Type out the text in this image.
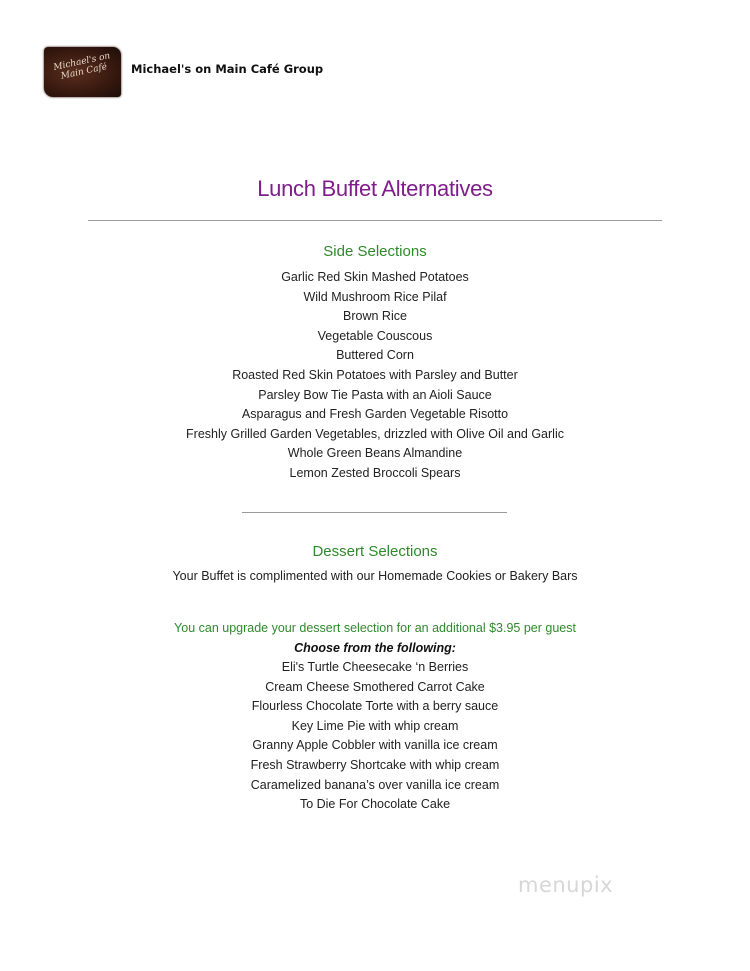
Michael's on Main Café	Michael's on Main Café Group
Lunch Buffet Alternatives
Side Selections
Garlic Red Skin Mashed Potatoes
Wild Mushroom Rice Pilaf
Brown Rice
Vegetable Couscous
Buttered Corn
Roasted Red Skin Potatoes with Parsley and Butter
Parsley Bow Tie Pasta with an Aioli Sauce
Asparagus and Fresh Garden Vegetable Risotto
Freshly Grilled Garden Vegetables, drizzled with Olive Oil and Garlic
Whole Green Beans Almandine
Lemon Zested Broccoli Spears
Dessert Selections
Your Buffet is complimented with our Homemade Cookies or Bakery Bars
You can upgrade your dessert selection for an additional $3.95 per guest
Choose from the following:
Eli's Turtle Cheesecake ‘n Berries
Cream Cheese Smothered Carrot Cake
Flourless Chocolate Torte with a berry sauce
Key Lime Pie with whip cream
Granny Apple Cobbler with vanilla ice cream
Fresh Strawberry Shortcake with whip cream
Caramelized banana’s over vanilla ice cream
To Die For Chocolate Cake
menupix
